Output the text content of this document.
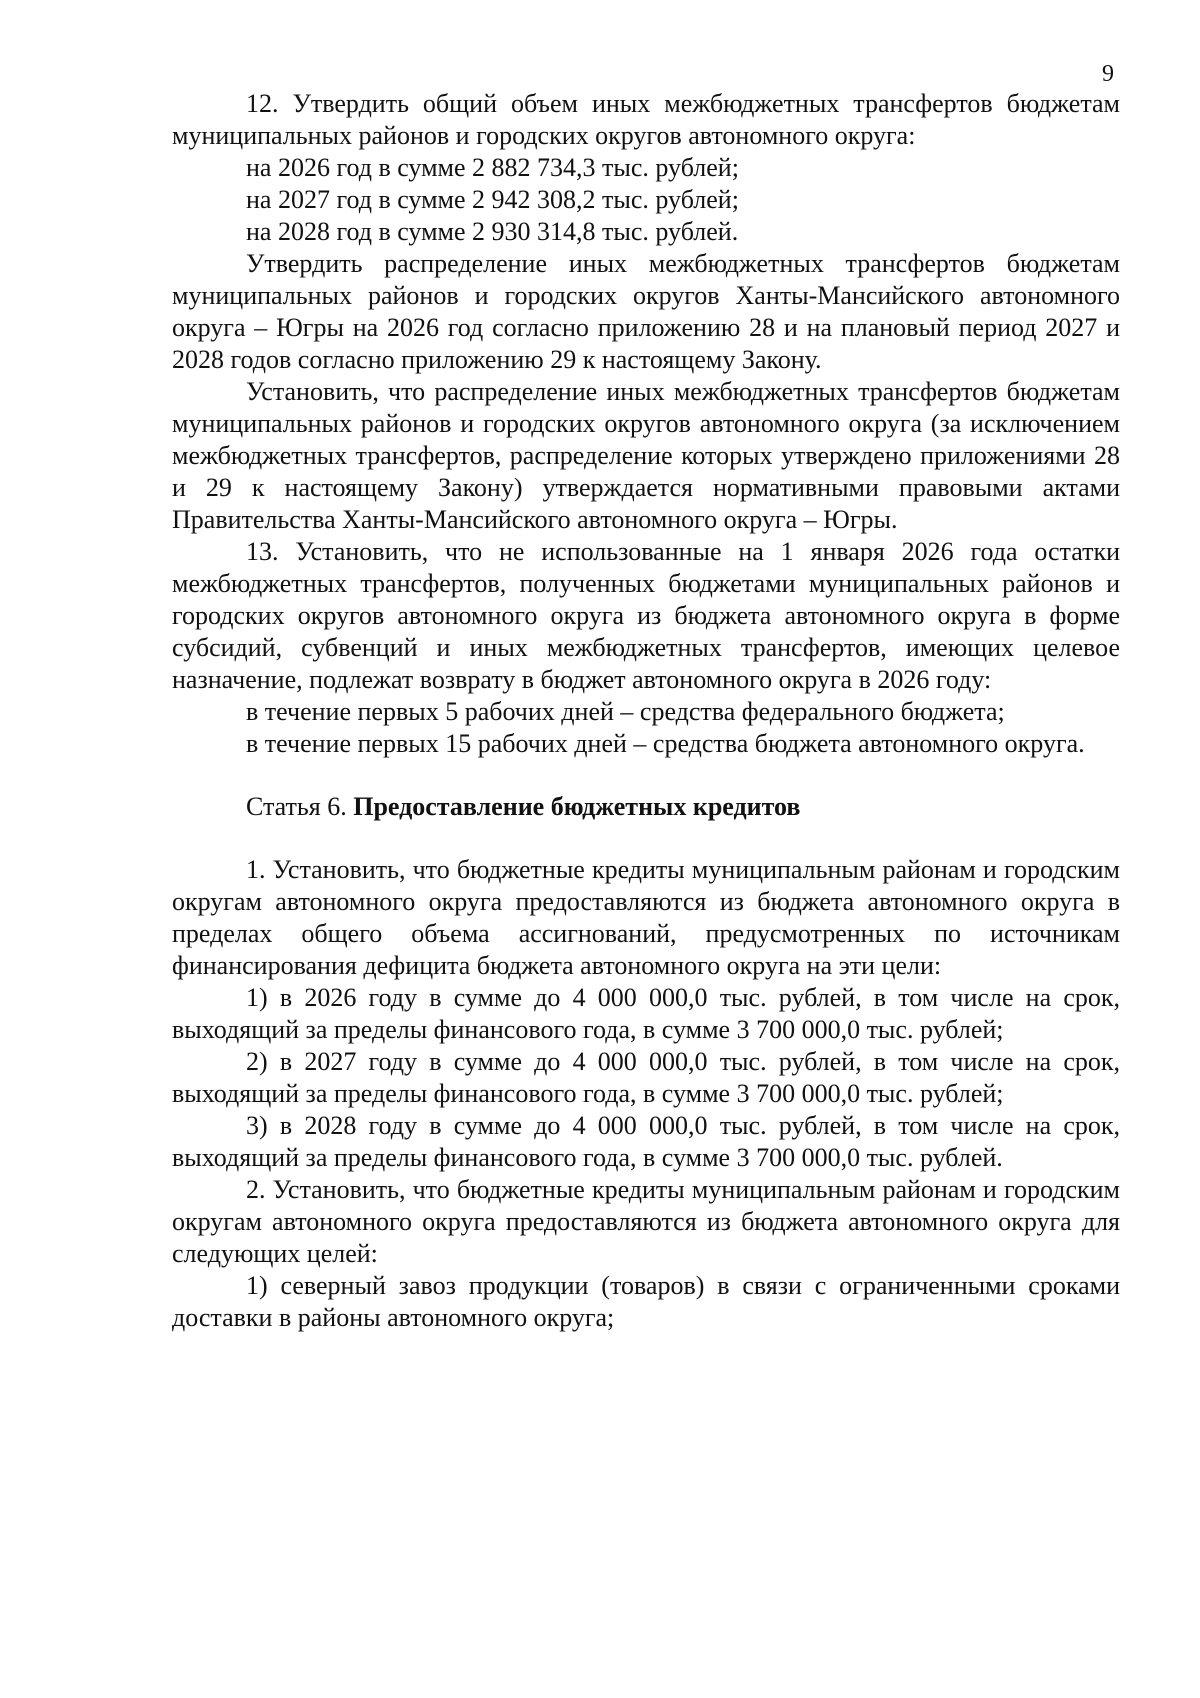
9

12. Утвердить общий объем иных межбюджетных трансфертов бюджетам муниципальных районов и городских округов автономного округа:

на 2026 год в сумме 2 882 734,3 тыс. рублей;

на 2027 год в сумме 2 942 308,2 тыс. рублей;

на 2028 год в сумме 2 930 314,8 тыс. рублей.

Утвердить распределение иных межбюджетных трансфертов бюджетам муниципальных районов и городских округов Ханты-Мансийского автономного округа – Югры на 2026 год согласно приложению 28 и на плановый период 2027 и 2028 годов согласно приложению 29 к настоящему Закону.

Установить, что распределение иных межбюджетных трансфертов бюджетам муниципальных районов и городских округов автономного округа (за исключением межбюджетных трансфертов, распределение которых утверждено приложениями 28 и 29 к настоящему Закону) утверждается нормативными правовыми актами Правительства Ханты-Мансийского автономного округа – Югры.

13. Установить, что не использованные на 1 января 2026 года остатки межбюджетных трансфертов, полученных бюджетами муниципальных районов и городских округов автономного округа из бюджета автономного округа в форме субсидий, субвенций и иных межбюджетных трансфертов, имеющих целевое назначение, подлежат возврату в бюджет автономного округа в 2026 году:

в течение первых 5 рабочих дней – средства федерального бюджета;

в течение первых 15 рабочих дней – средства бюджета автономного округа.

Статья 6. Предоставление бюджетных кредитов

1. Установить, что бюджетные кредиты муниципальным районам и городским округам автономного округа предоставляются из бюджета автономного округа в пределах общего объема ассигнований, предусмотренных по источникам финансирования дефицита бюджета автономного округа на эти цели:

1) в 2026 году в сумме до 4 000 000,0 тыс. рублей, в том числе на срок, выходящий за пределы финансового года, в сумме 3 700 000,0 тыс. рублей;

2) в 2027 году в сумме до 4 000 000,0 тыс. рублей, в том числе на срок, выходящий за пределы финансового года, в сумме 3 700 000,0 тыс. рублей;

3) в 2028 году в сумме до 4 000 000,0 тыс. рублей, в том числе на срок, выходящий за пределы финансового года, в сумме 3 700 000,0 тыс. рублей.

2. Установить, что бюджетные кредиты муниципальным районам и городским округам автономного округа предоставляются из бюджета автономного округа для следующих целей:

1) северный завоз продукции (товаров) в связи с ограниченными сроками доставки в районы автономного округа;
